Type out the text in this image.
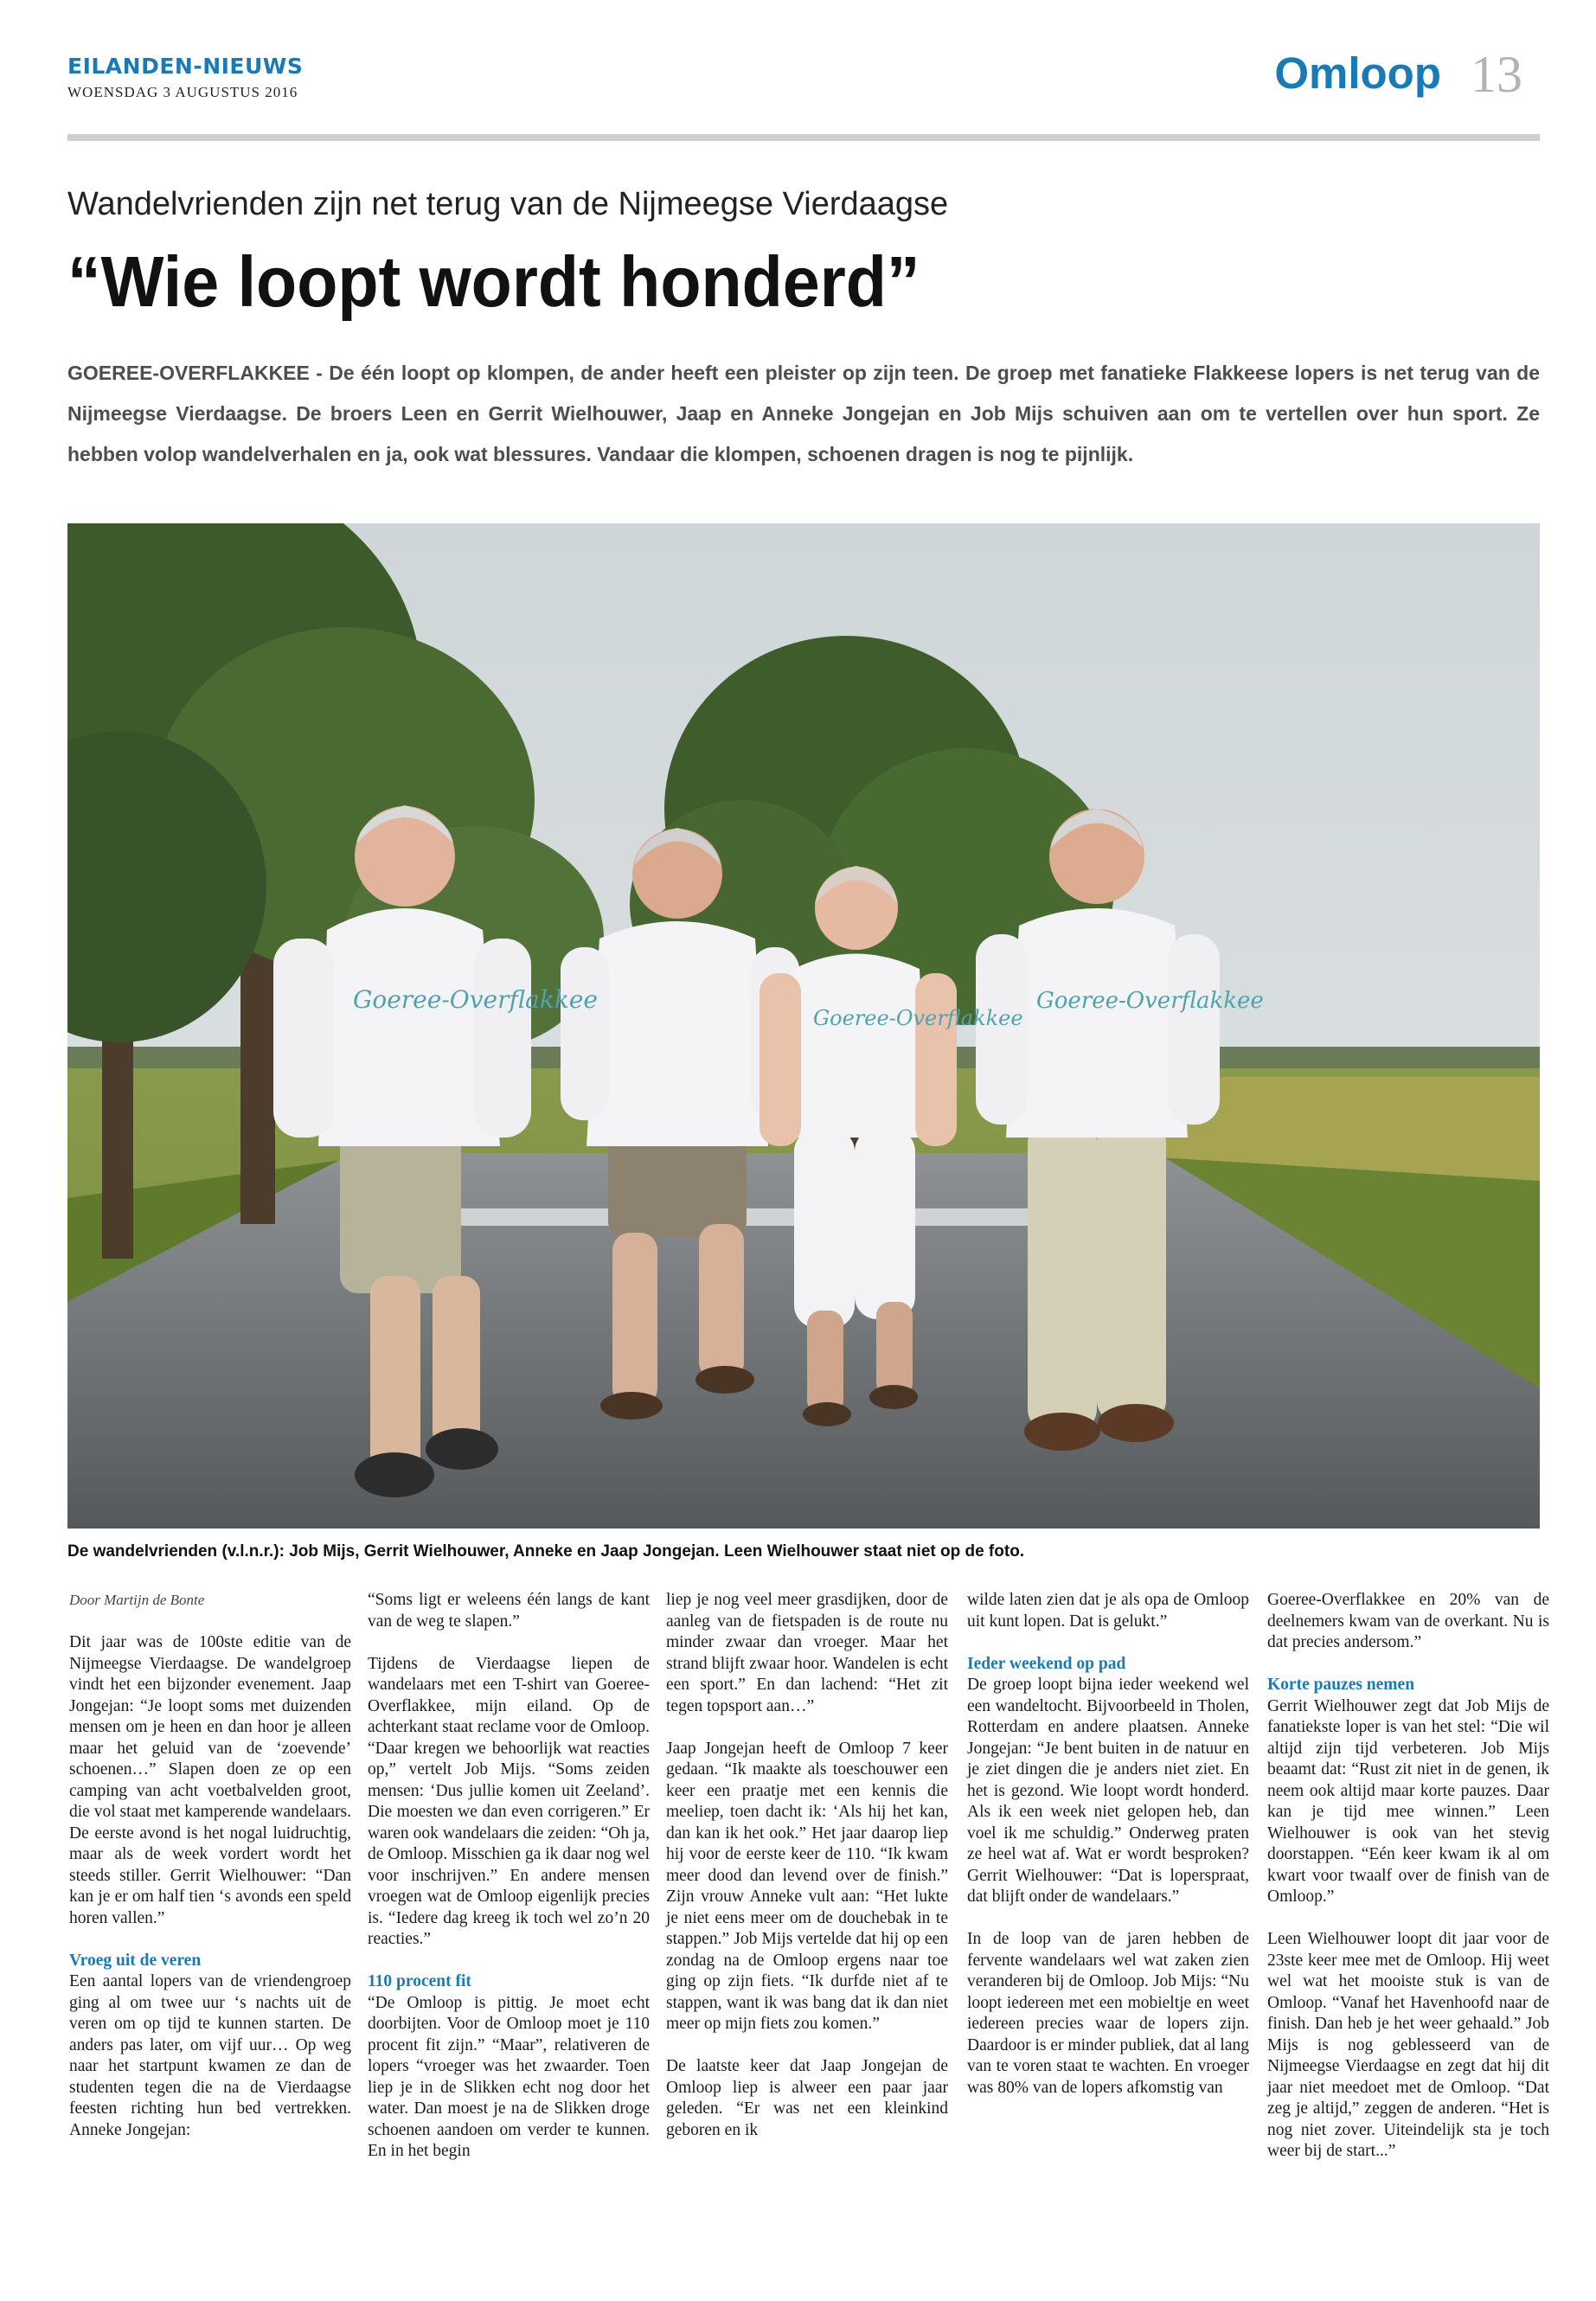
EILANDEN-NIEUWS
WOENSDAG 3 AUGUSTUS 2016	Omloop 13
Wandelvrienden zijn net terug van de Nijmeegse Vierdaagse
“Wie loopt wordt honderd”
GOEREE-OVERFLAKKEE - De één loopt op klompen, de ander heeft een pleister op zijn teen. De groep met fanatieke Flakkeese lopers is net terug van de Nijmeegse Vierdaagse. De broers Leen en Gerrit Wielhouwer, Jaap en Anneke Jongejan en Job Mijs schuiven aan om te vertellen over hun sport. Ze hebben volop wandelverhalen en ja, ook wat blessures. Vandaar die klompen, schoenen dragen is nog te pijnlijk.
Goeree-Overflakkee
Goeree-Overflakkee
Goeree-Overflakkee
De wandelvrienden (v.l.n.r.): Job Mijs, Gerrit Wielhouwer, Anneke en Jaap Jongejan. Leen Wielhouwer staat niet op de foto.

Door Martijn de Bonte

Dit jaar was de 100ste editie van de Nijmeegse Vierdaagse. De wandelgroep vindt het een bijzonder evenement. Jaap Jongejan: “Je loopt soms met duizenden mensen om je heen en dan hoor je alleen maar het geluid van de ‘zoevende’ schoenen…” Slapen doen ze op een camping van acht voetbalvelden groot, die vol staat met kamperende wandelaars. De eerste avond is het nogal luidruchtig, maar als de week vordert wordt het steeds stiller. Gerrit Wielhouwer: “Dan kan je er om half tien ‘s avonds een speld horen vallen.”

Vroeg uit de veren

Een aantal lopers van de vriendengroep ging al om twee uur ‘s nachts uit de veren om op tijd te kunnen starten. De anders pas later, om vijf uur… Op weg naar het startpunt kwamen ze dan de studenten tegen die na de Vierdaagse feesten richting hun bed vertrekken. Anneke Jongejan:

“Soms ligt er weleens één langs de kant van de weg te slapen.”

Tijdens de Vierdaagse liepen de wandelaars met een T-shirt van Goeree-Overflakkee, mijn eiland. Op de achterkant staat reclame voor de Omloop. “Daar kregen we behoorlijk wat reacties op,” vertelt Job Mijs. “Soms zeiden mensen: ‘Dus jullie komen uit Zeeland’. Die moesten we dan even corrigeren.” Er waren ook wandelaars die zeiden: “Oh ja, de Omloop. Misschien ga ik daar nog wel voor inschrijven.” En andere mensen vroegen wat de Omloop eigenlijk precies is. “Iedere dag kreeg ik toch wel zo’n 20 reacties.”

110 procent fit

“De Omloop is pittig. Je moet echt doorbijten. Voor de Omloop moet je 110 procent fit zijn.” “Maar”, relativeren de lopers “vroeger was het zwaarder. Toen liep je in de Slikken echt nog door het water. Dan moest je na de Slikken droge schoenen aandoen om verder te kunnen. En in het begin

liep je nog veel meer grasdijken, door de aanleg van de fietspaden is de route nu minder zwaar dan vroeger. Maar het strand blijft zwaar hoor. Wandelen is echt een sport.” En dan lachend: “Het zit tegen topsport aan…”

Jaap Jongejan heeft de Omloop 7 keer gedaan. “Ik maakte als toeschouwer een keer een praatje met een kennis die meeliep, toen dacht ik: ‘Als hij het kan, dan kan ik het ook.” Het jaar daarop liep hij voor de eerste keer de 110. “Ik kwam meer dood dan levend over de finish.” Zijn vrouw Anneke vult aan: “Het lukte je niet eens meer om de douchebak in te stappen.” Job Mijs vertelde dat hij op een zondag na de Omloop ergens naar toe ging op zijn fiets. “Ik durfde niet af te stappen, want ik was bang dat ik dan niet meer op mijn fiets zou komen.”

De laatste keer dat Jaap Jongejan de Omloop liep is alweer een paar jaar geleden. “Er was net een kleinkind geboren en ik

wilde laten zien dat je als opa de Omloop uit kunt lopen. Dat is gelukt.”

Ieder weekend op pad

De groep loopt bijna ieder weekend wel een wandeltocht. Bijvoorbeeld in Tholen, Rotterdam en andere plaatsen. Anneke Jongejan: “Je bent buiten in de natuur en je ziet dingen die je anders niet ziet. En het is gezond. Wie loopt wordt honderd. Als ik een week niet gelopen heb, dan voel ik me schuldig.” Onderweg praten ze heel wat af. Wat er wordt besproken? Gerrit Wielhouwer: “Dat is loperspraat, dat blijft onder de wandelaars.”

In de loop van de jaren hebben de fervente wandelaars wel wat zaken zien veranderen bij de Omloop. Job Mijs: “Nu loopt iedereen met een mobieltje en weet iedereen precies waar de lopers zijn. Daardoor is er minder publiek, dat al lang van te voren staat te wachten. En vroeger was 80% van de lopers afkomstig van

Goeree-Overflakkee en 20% van de deelnemers kwam van de overkant. Nu is dat precies andersom.”

Korte pauzes nemen

Gerrit Wielhouwer zegt dat Job Mijs de fanatiekste loper is van het stel: “Die wil altijd zijn tijd verbeteren. Job Mijs beaamt dat: “Rust zit niet in de genen, ik neem ook altijd maar korte pauzes. Daar kan je tijd mee winnen.” Leen Wielhouwer is ook van het stevig doorstappen. “Eén keer kwam ik al om kwart voor twaalf over de finish van de Omloop.”

Leen Wielhouwer loopt dit jaar voor de 23ste keer mee met de Omloop. Hij weet wel wat het mooiste stuk is van de Omloop. “Vanaf het Havenhoofd naar de finish. Dan heb je het weer gehaald.” Job Mijs is nog geblesseerd van de Nijmeegse Vierdaagse en zegt dat hij dit jaar niet meedoet met de Omloop. “Dat zeg je altijd,” zeggen de anderen. “Het is nog niet zover. Uiteindelijk sta je toch weer bij de start...”
